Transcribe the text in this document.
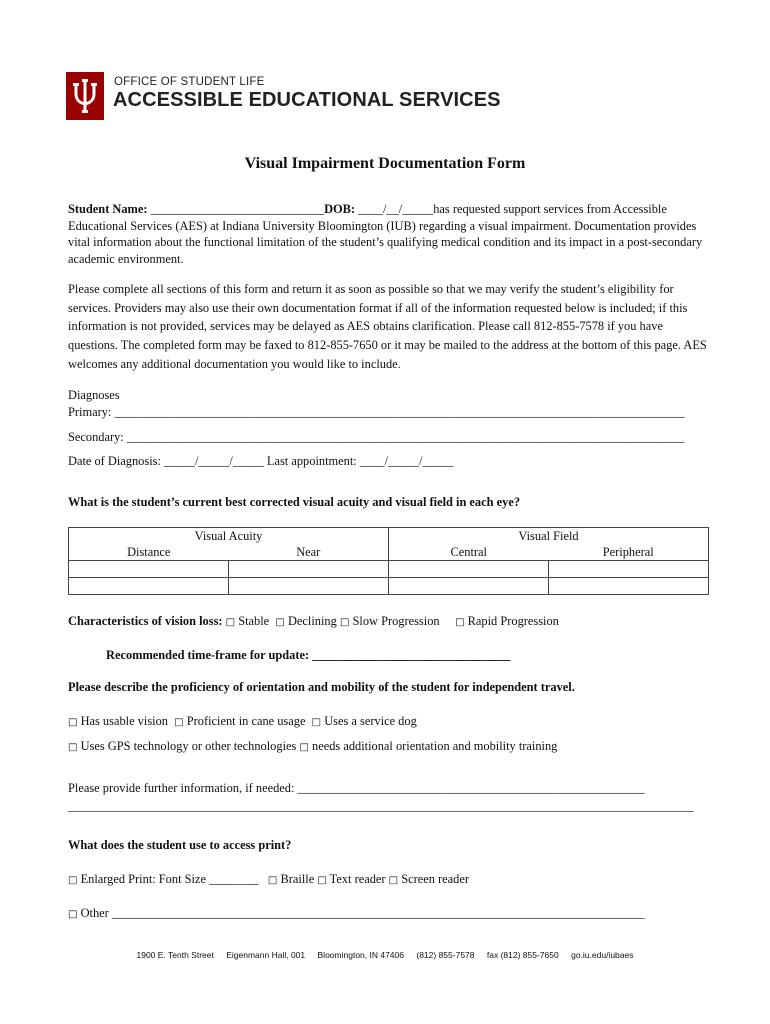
OFFICE OF STUDENT LIFE
ACCESSIBLE EDUCATIONAL SERVICES
Visual Impairment Documentation Form
Student Name: ____________________________DOB: ____/__/_____has requested support services from Accessible Educational Services (AES) at Indiana University Bloomington (IUB) regarding a visual impairment. Documentation provides vital information about the functional limitation of the student’s qualifying medical condition and its impact in a post-secondary academic environment.
Please complete all sections of this form and return it as soon as possible so that we may verify the student’s eligibility for services. Providers may also use their own documentation format if all of the information requested below is included; if this information is not provided, services may be delayed as AES obtains clarification. Please call 812-855-7578 if you have questions. The completed form may be faxed to 812-855-7650 or it may be mailed to the address at the bottom of this page. AES welcomes any additional documentation you would like to include.
Diagnoses
Primary: ____________________________________________________________________________________________
Secondary: __________________________________________________________________________________________
Date of Diagnosis: _____/_____/_____ Last appointment: ____/_____/_____
What is the student’s current best corrected visual acuity and visual field in each eye?
Visual Acuity		Visual Field	
Distance	Near	Central	Peripheral

Characteristics of vision loss: □ Stable □ Declining □ Slow Progression □ Rapid Progression
Recommended time-frame for update: ________________________________
Please describe the proficiency of orientation and mobility of the student for independent travel.
□ Has usable vision □ Proficient in cane usage □ Uses a service dog
□ Uses GPS technology or other technologies □ needs additional orientation and mobility training
Please provide further information, if needed: ________________________________________________________
_____________________________________________________________________________________________________
What does the student use to access print?
□ Enlarged Print: Font Size ________ □ Braille □ Text reader □ Screen reader
□ Other ______________________________________________________________________________________
1900 E. Tenth Street Eigenmann Hall, 001 Bloomington, IN 47406 (812) 855-7578 fax (812) 855-7650 go.iu.edu/iubaes
